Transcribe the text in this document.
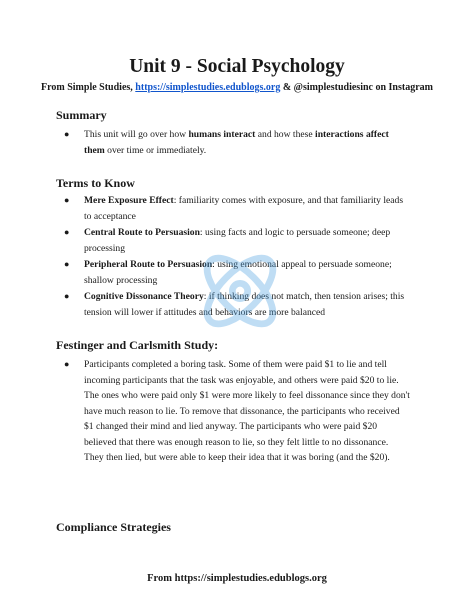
Unit 9 - Social Psychology
From Simple Studies, https://simplestudies.edublogs.org & @simplestudiesinc on Instagram
Summary
● This unit will go over how humans interact and how these interactions affect them over time or immediately.
Terms to Know
● Mere Exposure Effect: familiarity comes with exposure, and that familiarity leads to acceptance
● Central Route to Persuasion: using facts and logic to persuade someone; deep processing
● Peripheral Route to Persuasion: using emotional appeal to persuade someone; shallow processing
● Cognitive Dissonance Theory: if thinking does not match, then tension arises; this tension will lower if attitudes and behaviors are more balanced
Festinger and Carlsmith Study:
● Participants completed a boring task. Some of them were paid $1 to lie and tell incoming participants that the task was enjoyable, and others were paid $20 to lie. The ones who were paid only $1 were more likely to feel dissonance since they don't have much reason to lie. To remove that dissonance, the participants who received $1 changed their mind and lied anyway. The participants who were paid $20 believed that there was enough reason to lie, so they felt little to no dissonance. They then lied, but were able to keep their idea that it was boring (and the $20).
Compliance Strategies
From https://simplestudies.edublogs.org
